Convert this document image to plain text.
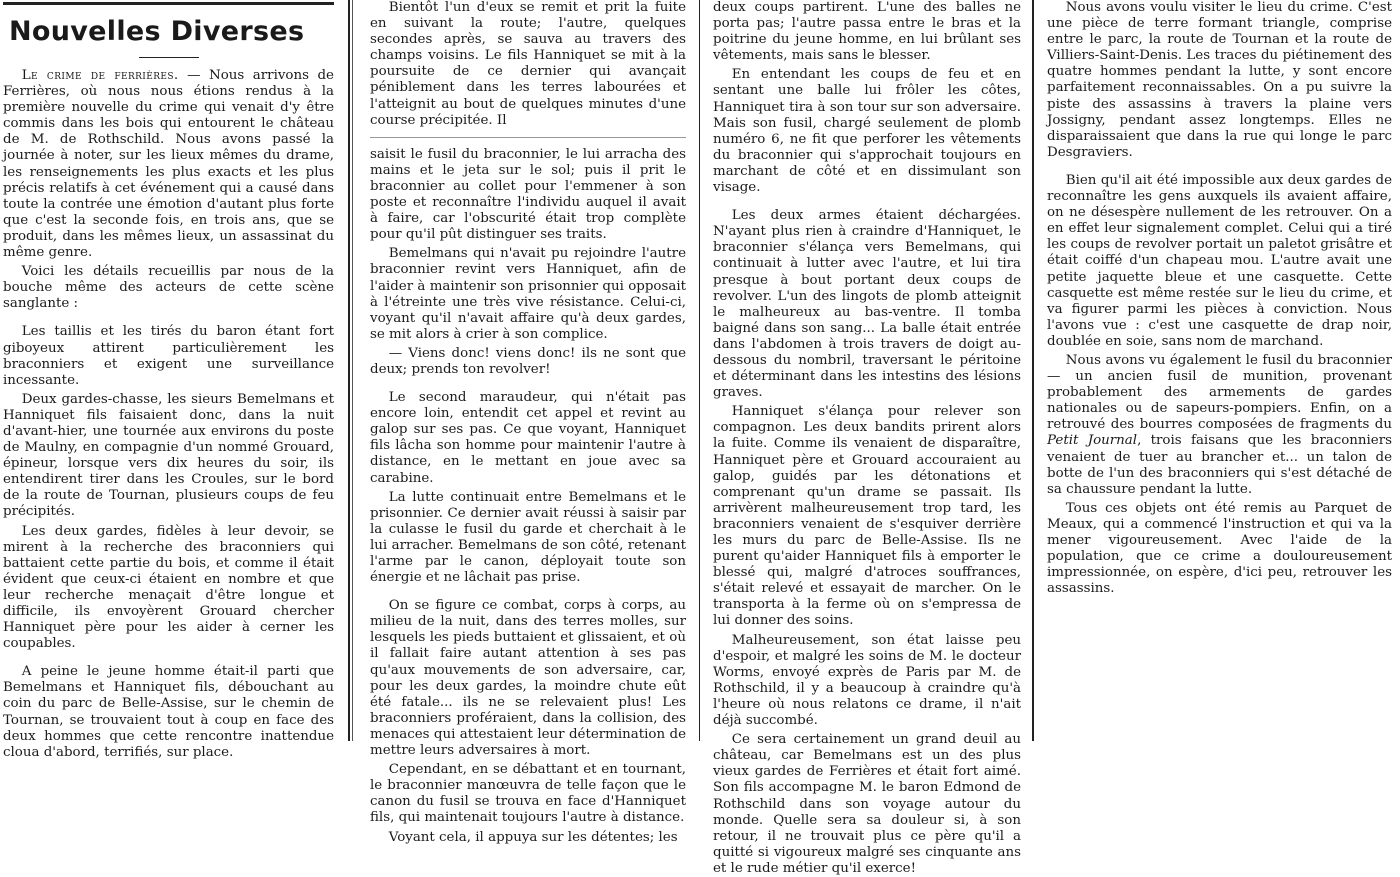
Nouvelles Diverses

Le crime de ferrières. — Nous arrivons de Ferrières, où nous nous étions rendus à la première nouvelle du crime qui venait d'y être commis dans les bois qui entourent le château de M. de Rothschild. Nous avons passé la journée à noter, sur les lieux mêmes du drame, les renseignements les plus exacts et les plus précis relatifs à cet événement qui a causé dans toute la contrée une émotion d'autant plus forte que c'est la seconde fois, en trois ans, que se produit, dans les mêmes lieux, un assassinat du même genre.

Voici les détails recueillis par nous de la bouche même des acteurs de cette scène sanglante :

Les taillis et les tirés du baron étant fort giboyeux attirent particulièrement les braconniers et exigent une surveillance incessante.

Deux gardes-chasse, les sieurs Bemelmans et Hanniquet fils faisaient donc, dans la nuit d'avant-hier, une tournée aux environs du poste de Maulny, en compagnie d'un nommé Grouard, épineur, lorsque vers dix heures du soir, ils entendirent tirer dans les Croules, sur le bord de la route de Tournan, plusieurs coups de feu précipités.

Les deux gardes, fidèles à leur devoir, se mirent à la recherche des braconniers qui battaient cette partie du bois, et comme il était évident que ceux-ci étaient en nombre et que leur recherche menaçait d'être longue et difficile, ils envoyèrent Grouard chercher Hanniquet père pour les aider à cerner les coupables.

A peine le jeune homme était-il parti que Bemelmans et Hanniquet fils, débouchant au coin du parc de Belle-Assise, sur le chemin de Tournan, se trouvaient tout à coup en face des deux hommes que cette rencontre inattendue cloua d'abord, terrifiés, sur place.

Bientôt l'un d'eux se remit et prit la fuite en suivant la route; l'autre, quelques secondes après, se sauva au travers des champs voisins. Le fils Hanniquet se mit à la poursuite de ce dernier qui avançait péniblement dans les terres labourées et l'atteignit au bout de quelques minutes d'une course précipitée. Il

saisit le fusil du braconnier, le lui arracha des mains et le jeta sur le sol; puis il prit le braconnier au collet pour l'emmener à son poste et reconnaître l'individu auquel il avait à faire, car l'obscurité était trop complète pour qu'il pût distinguer ses traits.

Bemelmans qui n'avait pu rejoindre l'autre braconnier revint vers Hanniquet, afin de l'aider à maintenir son prisonnier qui opposait à l'étreinte une très vive résistance. Celui-ci, voyant qu'il n'avait affaire qu'à deux gardes, se mit alors à crier à son complice.

— Viens donc! viens donc! ils ne sont que deux; prends ton revolver!

Le second maraudeur, qui n'était pas encore loin, entendit cet appel et revint au galop sur ses pas. Ce que voyant, Hanniquet fils lâcha son homme pour maintenir l'autre à distance, en le mettant en joue avec sa carabine.

La lutte continuait entre Bemelmans et le prisonnier. Ce dernier avait réussi à saisir par la culasse le fusil du garde et cherchait à le lui arracher. Bemelmans de son côté, retenant l'arme par le canon, déployait toute son énergie et ne lâchait pas prise.

On se figure ce combat, corps à corps, au milieu de la nuit, dans des terres molles, sur lesquels les pieds buttaient et glissaient, et où il fallait faire autant attention à ses pas qu'aux mouvements de son adversaire, car, pour les deux gardes, la moindre chute eût été fatale... ils ne se relevaient plus! Les braconniers proféraient, dans la collision, des menaces qui attestaient leur détermination de mettre leurs adversaires à mort.

Cependant, en se débattant et en tournant, le braconnier manœuvra de telle façon que le canon du fusil se trouva en face d'Hanniquet fils, qui maintenait toujours l'autre à distance.

Voyant cela, il appuya sur les détentes; les

deux coups partirent. L'une des balles ne porta pas; l'autre passa entre le bras et la poitrine du jeune homme, en lui brûlant ses vêtements, mais sans le blesser.

En entendant les coups de feu et en sentant une balle lui frôler les côtes, Hanniquet tira à son tour sur son adversaire. Mais son fusil, chargé seulement de plomb numéro 6, ne fit que perforer les vêtements du braconnier qui s'approchait toujours en marchant de côté et en dissimulant son visage.

Les deux armes étaient déchargées. N'ayant plus rien à craindre d'Hanniquet, le braconnier s'élança vers Bemelmans, qui continuait à lutter avec l'autre, et lui tira presque à bout portant deux coups de revolver. L'un des lingots de plomb atteignit le malheureux au bas-ventre. Il tomba baigné dans son sang... La balle était entrée dans l'abdomen à trois travers de doigt au-dessous du nombril, traversant le péritoine et déterminant dans les intestins des lésions graves.

Hanniquet s'élança pour relever son compagnon. Les deux bandits prirent alors la fuite. Comme ils venaient de disparaître, Hanniquet père et Grouard accouraient au galop, guidés par les détonations et comprenant qu'un drame se passait. Ils arrivèrent malheureusement trop tard, les braconniers venaient de s'esquiver derrière les murs du parc de Belle-Assise. Ils ne purent qu'aider Hanniquet fils à emporter le blessé qui, malgré d'atroces souffrances, s'était relevé et essayait de marcher. On le transporta à la ferme où on s'empressa de lui donner des soins.

Malheureusement, son état laisse peu d'espoir, et malgré les soins de M. le docteur Worms, envoyé exprès de Paris par M. de Rothschild, il y a beaucoup à craindre qu'à l'heure où nous relatons ce drame, il n'ait déjà succombé.

Ce sera certainement un grand deuil au château, car Bemelmans est un des plus vieux gardes de Ferrières et était fort aimé. Son fils accompagne M. le baron Edmond de Rothschild dans son voyage autour du monde. Quelle sera sa douleur si, à son retour, il ne trouvait plus ce père qu'il a quitté si vigoureux malgré ses cinquante ans et le rude métier qu'il exerce!

Nous avons voulu visiter le lieu du crime. C'est une pièce de terre formant triangle, comprise entre le parc, la route de Tournan et la route de Villiers-Saint-Denis. Les traces du piétinement des quatre hommes pendant la lutte, y sont encore parfaitement reconnaissables. On a pu suivre la piste des assassins à travers la plaine vers Jossigny, pendant assez longtemps. Elles ne disparaissaient que dans la rue qui longe le parc Desgraviers.

Bien qu'il ait été impossible aux deux gardes de reconnaître les gens auxquels ils avaient affaire, on ne désespère nullement de les retrouver. On a en effet leur signalement complet. Celui qui a tiré les coups de revolver portait un paletot grisâtre et était coiffé d'un chapeau mou. L'autre avait une petite jaquette bleue et une casquette. Cette casquette est même restée sur le lieu du crime, et va figurer parmi les pièces à conviction. Nous l'avons vue : c'est une casquette de drap noir, doublée en soie, sans nom de marchand.

Nous avons vu également le fusil du braconnier — un ancien fusil de munition, provenant probablement des armements de gardes nationales ou de sapeurs-pompiers. Enfin, on a retrouvé des bourres composées de fragments du Petit Journal, trois faisans que les braconniers venaient de tuer au brancher et... un talon de botte de l'un des braconniers qui s'est détaché de sa chaussure pendant la lutte.

Tous ces objets ont été remis au Parquet de Meaux, qui a commencé l'instruction et qui va la mener vigoureusement. Avec l'aide de la population, que ce crime a douloureusement impressionnée, on espère, d'ici peu, retrouver les assassins.
